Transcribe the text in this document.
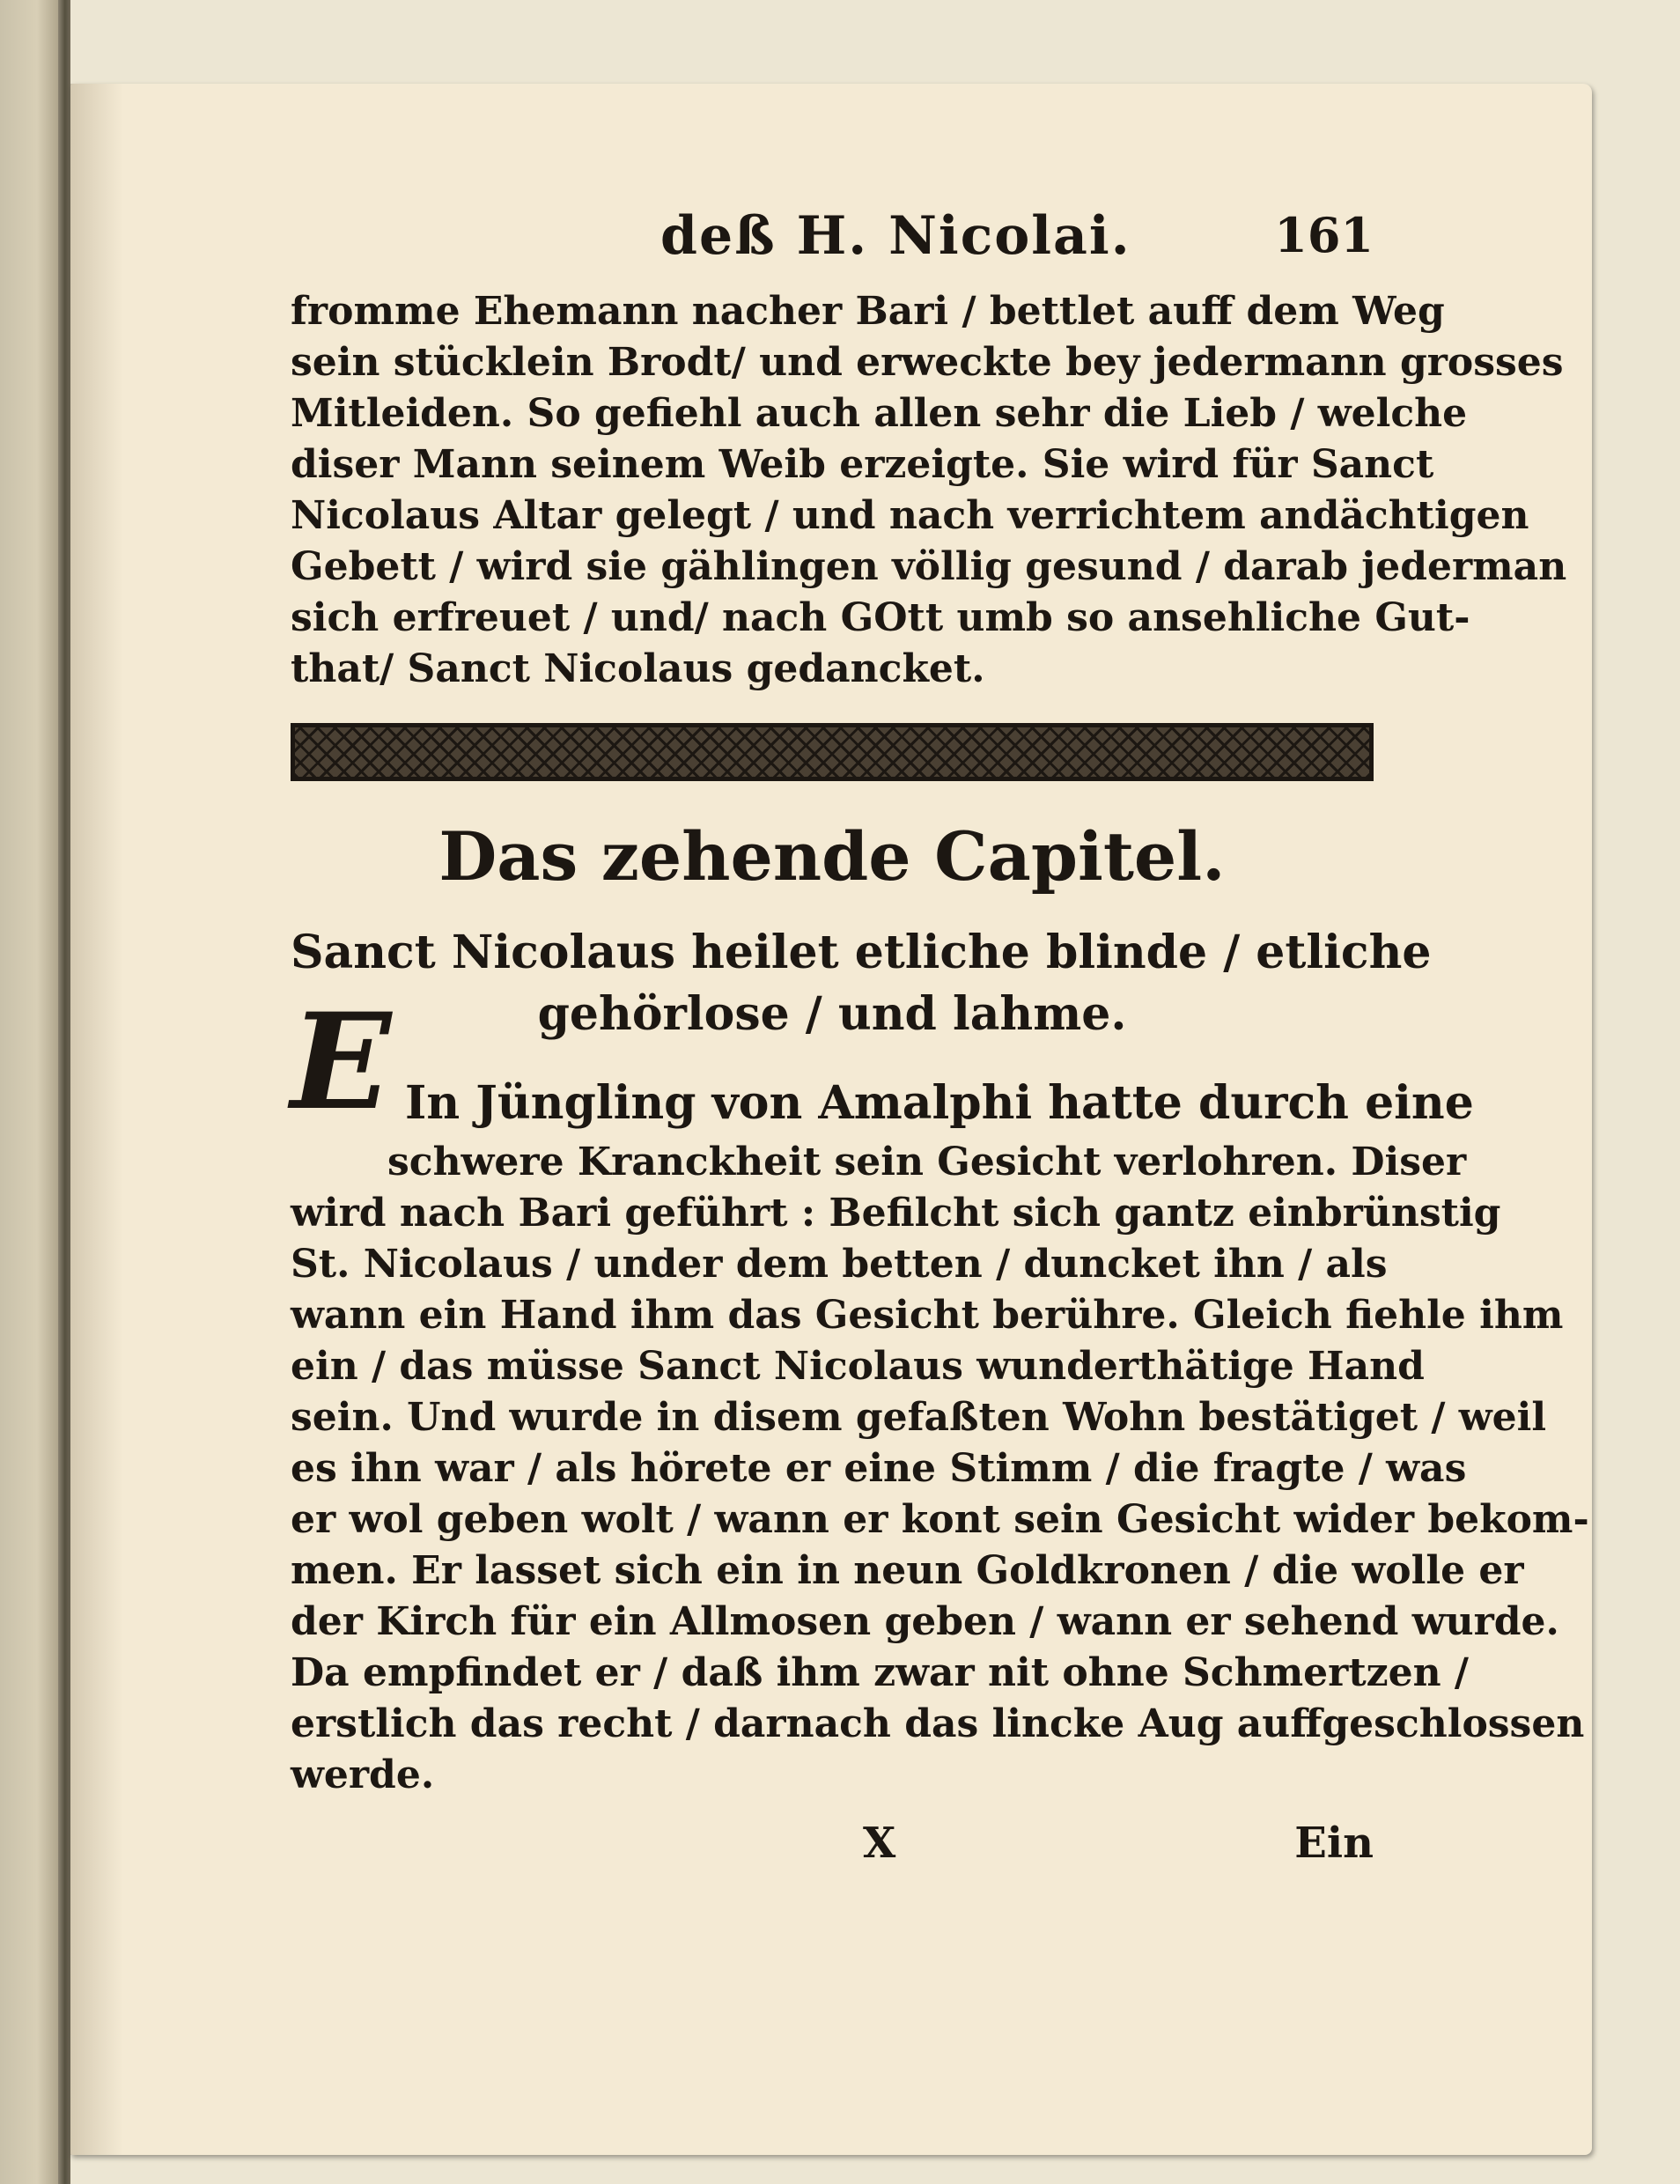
deß H. Nicolai.	161
fromme Ehemann nacher Bari / bettlet auff dem Weg
sein stücklein Brodt/ und erweckte bey jedermann grosses
Mitleiden. So gefiehl auch allen sehr die Lieb / welche
diser Mann seinem Weib erzeigte. Sie wird für Sanct
Nicolaus Altar gelegt / und nach verrichtem andächtigen
Gebett / wird sie gählingen völlig gesund / darab jederman
sich erfreuet / und/ nach GOtt umb so ansehliche Gut-
that/ Sanct Nicolaus gedancket.
Das zehende Capitel.
Sanct Nicolaus heilet etliche blinde / etliche
gehörlose / und lahme.
E In Jüngling von Amalphi hatte durch eine
schwere Kranckheit sein Gesicht verlohren. Diser
wird nach Bari geführt : Befilcht sich gantz einbrünstig
St. Nicolaus / under dem betten / duncket ihn / als
wann ein Hand ihm das Gesicht berühre. Gleich fiehle ihm
ein / das müsse Sanct Nicolaus wunderthätige Hand
sein. Und wurde in disem gefaßten Wohn bestätiget / weil
es ihn war / als hörete er eine Stimm / die fragte / was
er wol geben wolt / wann er kont sein Gesicht wider bekom-
men. Er lasset sich ein in neun Goldkronen / die wolle er
der Kirch für ein Allmosen geben / wann er sehend wurde.
Da empfindet er / daß ihm zwar nit ohne Schmertzen /
erstlich das recht / darnach das lincke Aug auffgeschlossen
werde.
X	Ein
